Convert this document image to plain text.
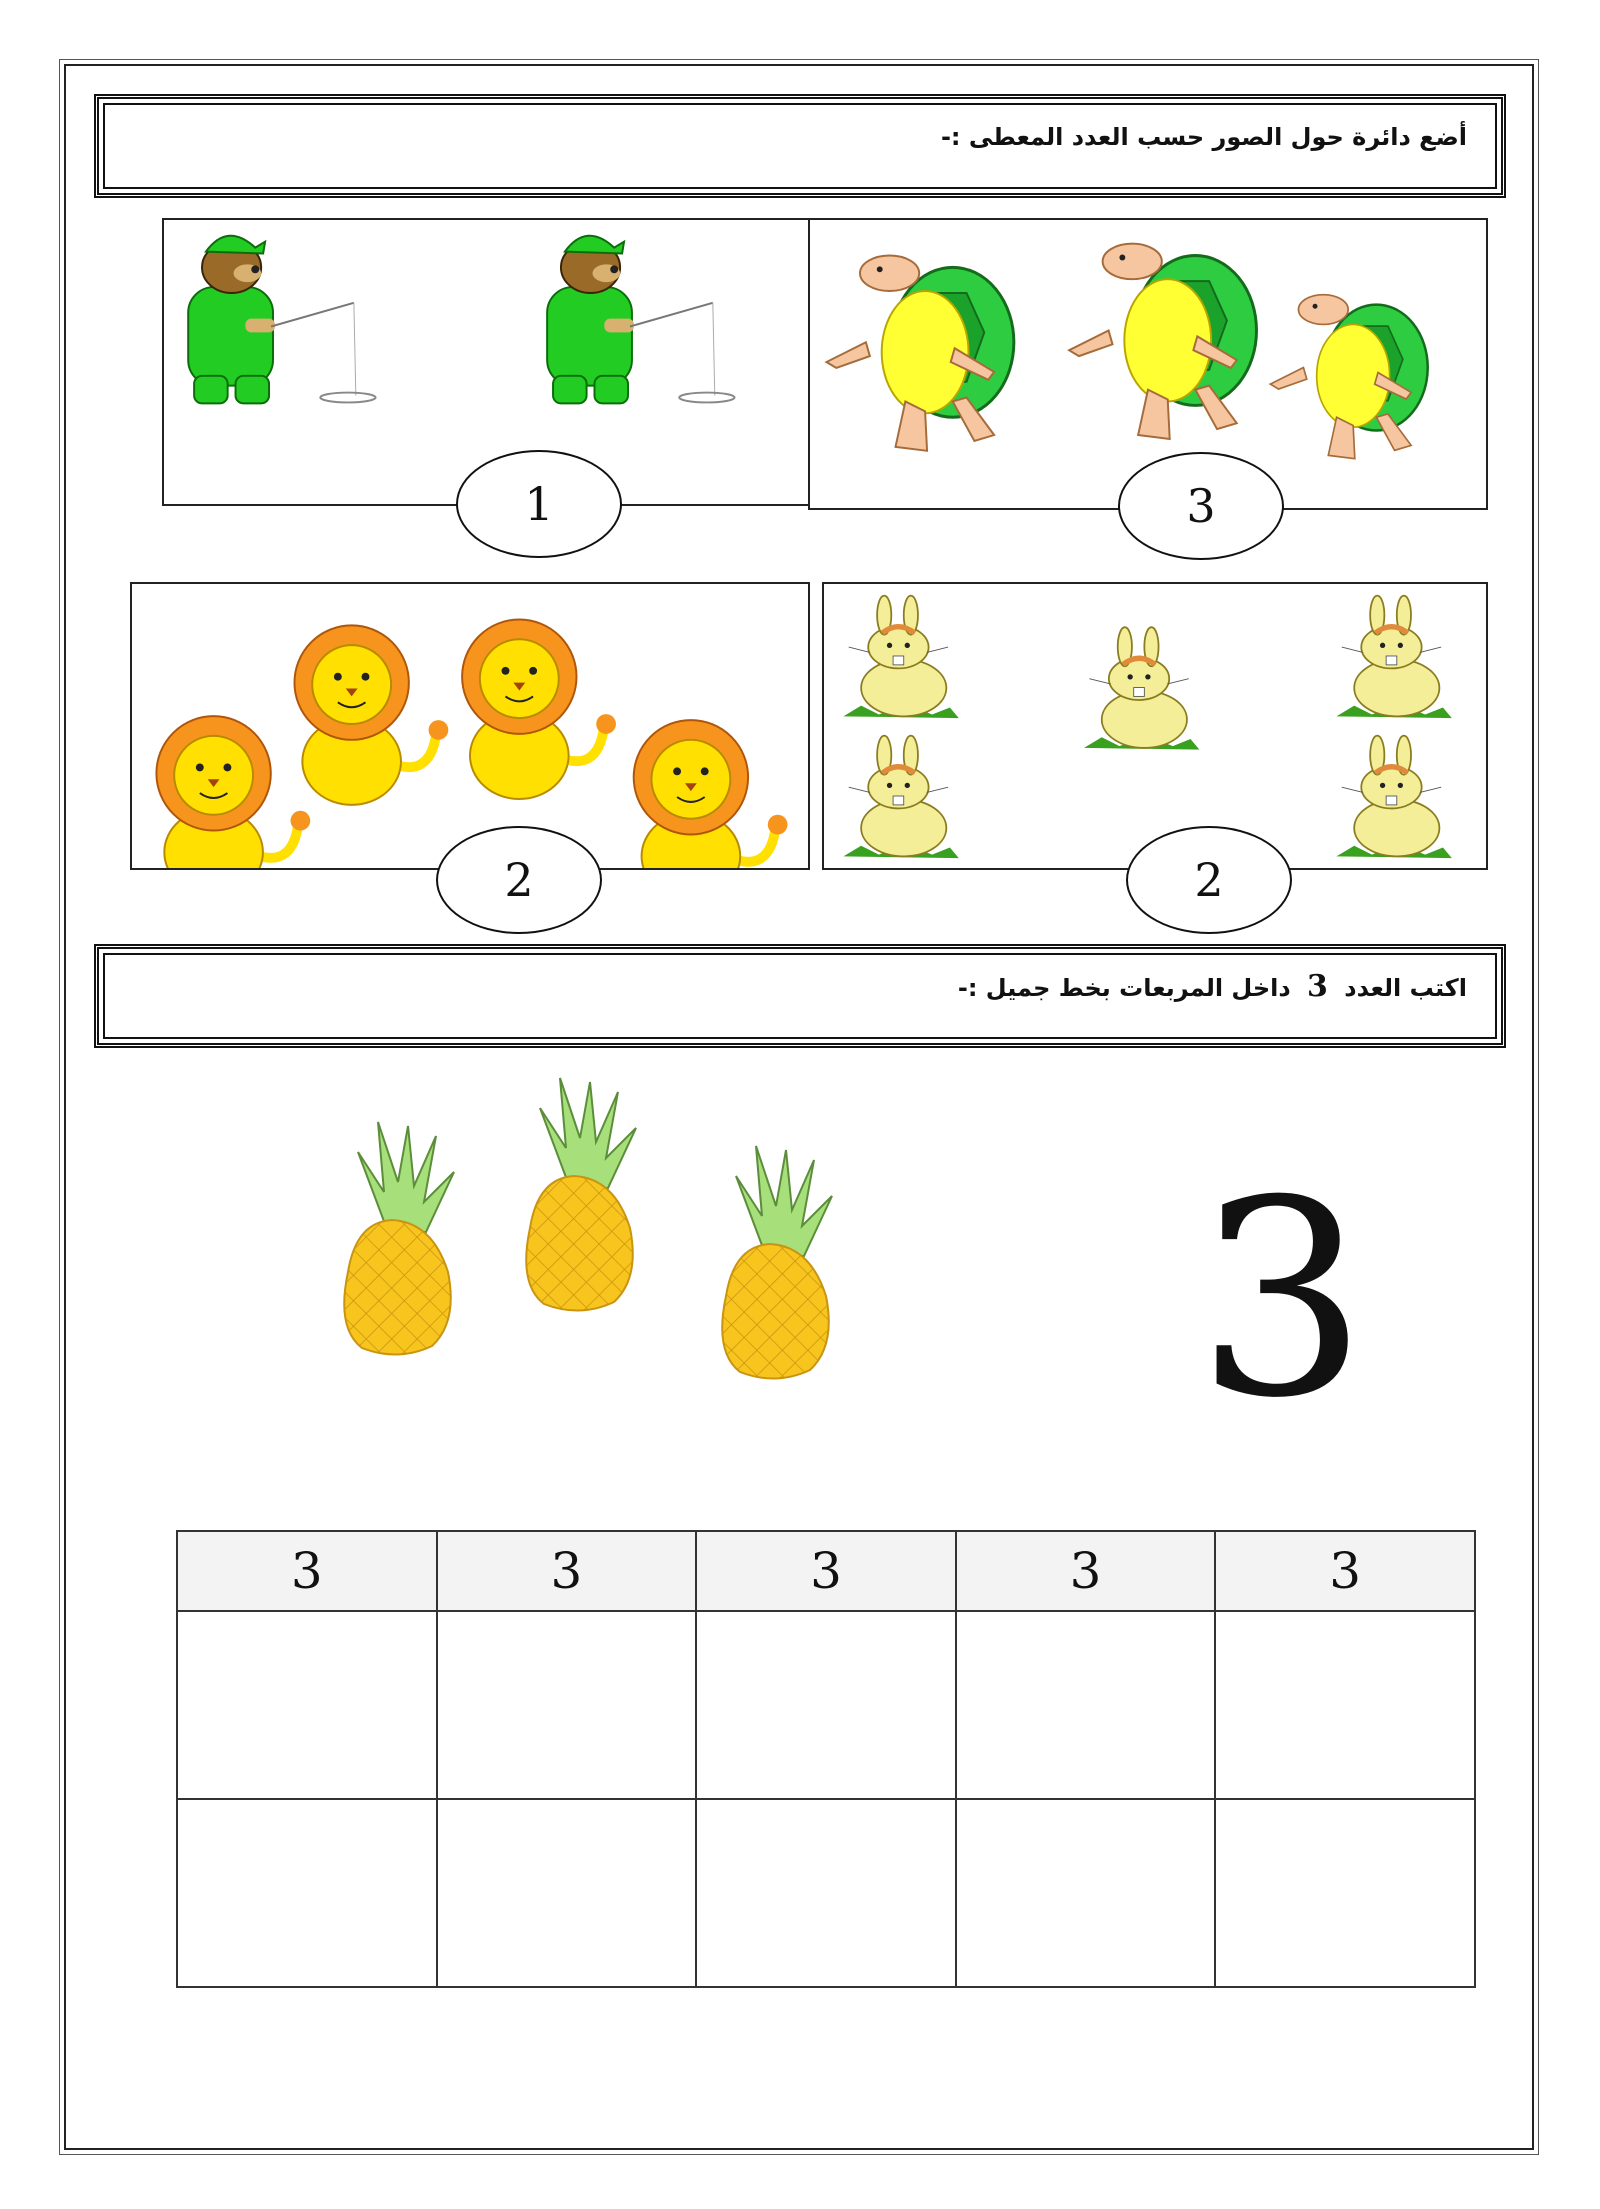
أضع دائرة حول الصور حسب العدد المعطى :-
1	3
2	2
اكتب العدد 3 داخل المربعات بخط جميل :-
3
3	3	3	3	3
